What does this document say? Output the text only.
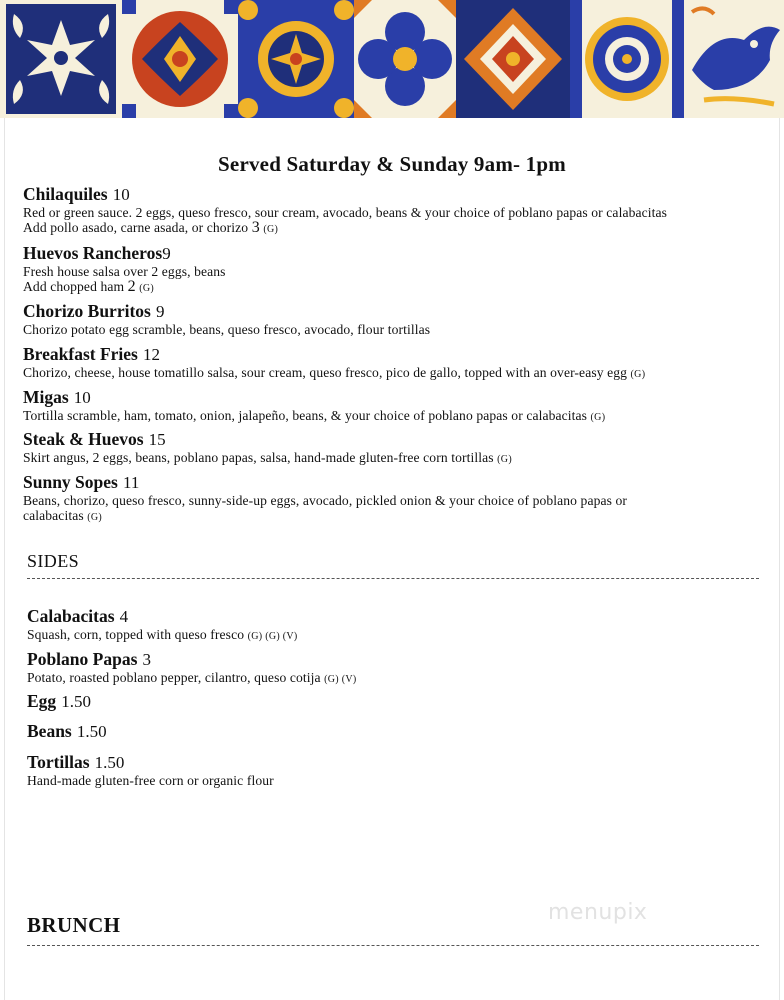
Served Saturday & Sunday 9am- 1pm
Chilaquiles 10
Red or green sauce. 2 eggs, queso fresco, sour cream, avocado, beans & your choice of poblano papas or calabacitas
Add pollo asado, carne asada, or chorizo 3 (G)
Huevos Rancheros9
Fresh house salsa over 2 eggs, beans
Add chopped ham 2 (G)
Chorizo Burritos 9
Chorizo potato egg scramble, beans, queso fresco, avocado, flour tortillas
Breakfast Fries 12
Chorizo, cheese, house tomatillo salsa, sour cream, queso fresco, pico de gallo, topped with an over-easy egg (G)
Migas 10
Tortilla scramble, ham, tomato, onion, jalapeño, beans, & your choice of poblano papas or calabacitas (G)
Steak & Huevos 15
Skirt angus, 2 eggs, beans, poblano papas, salsa, hand-made gluten-free corn tortillas (G)
Sunny Sopes 11
Beans, chorizo, queso fresco, sunny-side-up eggs, avocado, pickled onion & your choice of poblano papas or
calabacitas (G)
SIDES
Calabacitas 4
Squash, corn, topped with queso fresco (G) (G) (V)
Poblano Papas 3
Potato, roasted poblano pepper, cilantro, queso cotija (G) (V)
Egg 1.50
Beans 1.50
Tortillas 1.50
Hand-made gluten-free corn or organic flour
menupix
BRUNCH
